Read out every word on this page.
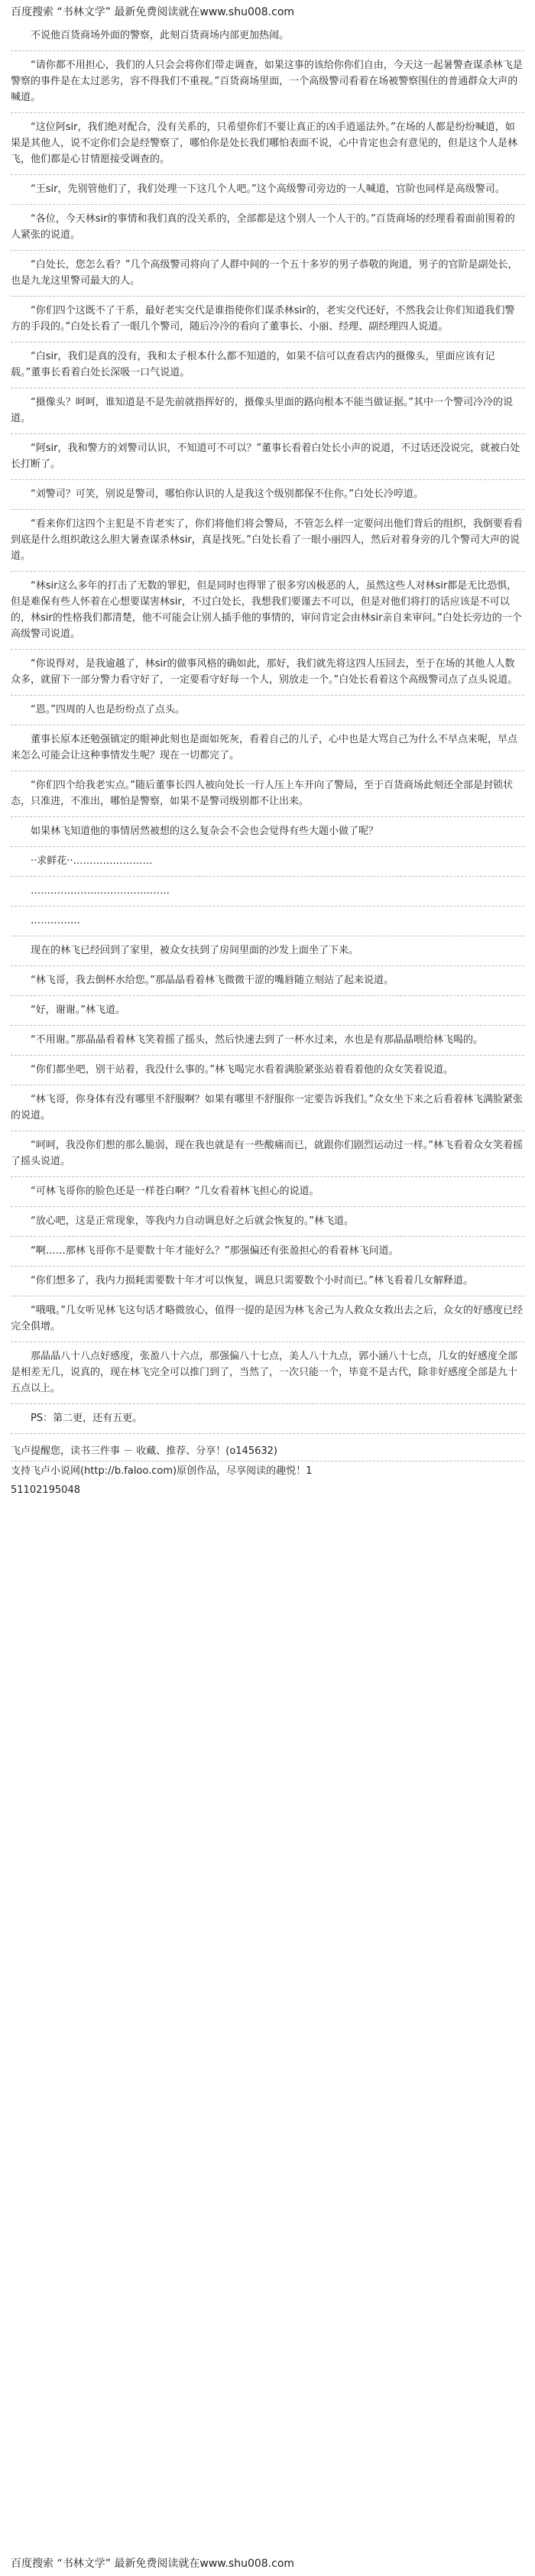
百度搜索 “书林文学” 最新免费阅读就在www.shu008.com

不说他百货商场外面的警察，此刻百货商场内部更加热闹。

“请你都不用担心，我们的人只会会将你们带走调查，如果这事的该给你你们自由，今天这一起暑警查谋杀林飞是警察的事件是在太过恶劣，容不得我们不重视。”百货商场里面，一个高级警司看着在场被警察围住的普通群众大声的喊道。

“这位阿sir，我们绝对配合，没有关系的，只希望你们不要让真正的凶手逍遥法外。”在场的人都是纷纷喊道，如果是其他人，说不定你们会是经警察了，哪怕你是处长我们哪怕表面不说，心中肯定也会有意见的，但是这个人是林飞，他们都是心甘情愿接受调查的。

“王sir，先别管他们了，我们处理一下这几个人吧。”这个高级警司旁边的一人喊道，官阶也同样是高级警司。

“各位，今天林sir的事情和我们真的没关系的，全部都是这个别人一个人干的。”百货商场的经理看着面前围着的人紧张的说道。

“白处长，您怎么看？”几个高级警司将向了人群中间的一个五十多岁的男子恭敬的询道，男子的官阶是副处长，也是九龙这里警司最大的人。

“你们四个这既不了干系，最好老实交代是谁指使你们谋杀林sir的，老实交代还好，不然我会让你们知道我们警方的手段的。”白处长看了一眼几个警司，随后冷冷的看向了董事长、小丽、经理、副经理四人说道。

“白sir，我们是真的没有，我和太子根本什么都不知道的，如果不信可以查看店内的摄像头，里面应该有记载。”董事长看着白处长深吸一口气说道。

“摄像头？呵呵，谁知道是不是先前就指挥好的，摄像头里面的路向根本不能当做证据。”其中一个警司冷冷的说道。

“阿sir，我和警方的刘警司认识，不知道可不可以？”董事长看着白处长小声的说道，不过话还没说完，就被白处长打断了。

“刘警司？可笑，别说是警司，哪怕你认识的人是我这个级别都保不住你。”白处长冷哼道。

“看来你们这四个主犯是不肯老实了，你们将他们将会警局，不管怎么样一定要问出他们背后的组织，我倒要看看到底是什么组织敢这么胆大暑查谋杀林sir，真是找死。”白处长看了一眼小丽四人，然后对着身旁的几个警司大声的说道。

“林sir这么多年的打击了无数的罪犯，但是同时也得罪了很多穷凶极恶的人，虽然这些人对林sir都是无比恐惧，但是难保有些人怀着在心想要谋害林sir，不过白处长，我想我们要谨去不可以，但是对他们将打的话应该是不可以的，林sir的性格我们都清楚，他不可能会让别人插手他的事情的，审问肯定会由林sir亲自来审问。”白处长旁边的一个高级警司说道。

“你说得对，是我逾越了，林sir的做事风格的确如此，那好，我们就先将这四人压回去，至于在场的其他人人数众多，就留下一部分警力看守好了，一定要看守好每一个人，别放走一个。”白处长看着这个高级警司点了点头说道。

“恩。”四周的人也是纷纷点了点头。

董事长原本还勉强镇定的眼神此刻也是面如死灰，看着自己的儿子，心中也是大骂自己为什么不早点来呢，早点来怎么可能会让这种事情发生呢？现在一切都完了。

“你们四个给我老实点。”随后董事长四人被向处长一行人压上车开向了警局，至于百货商场此刻还全部是封锁状态，只准进，不准出，哪怕是警察，如果不是警司级别都不让出来。

如果林飞知道他的事情居然被想的这么复杂会不会也会觉得有些大题小做了呢？

··求鲜花··……………………

……………………………………

……………

现在的林飞已经回到了家里，被众女扶到了房间里面的沙发上面坐了下来。

“林飞哥，我去倒杯水给您。”那晶晶看着林飞微微干涩的嘴唇随立刻站了起来说道。

“好，谢谢。”林飞道。

“不用谢。”那晶晶看着林飞笑着摇了摇头，然后快速去到了一杯水过来，水也是有那晶晶喂给林飞喝的。

“你们都坐吧，别干站着，我没什么事的。”林飞喝完水看着满脸紧张站着看着他的众女笑着说道。

“林飞哥，你身体有没有哪里不舒服啊？如果有哪里不舒服你一定要告诉我们。”众女坐下来之后看着林飞满脸紧张的说道。

“呵呵，我没你们想的那么脆弱，现在我也就是有一些酸痛而已，就跟你们剧烈运动过一样。”林飞看着众女笑着摇了摇头说道。

“可林飞哥你的脸色还是一样苍白啊？”几女看着林飞担心的说道。

“放心吧，这是正常现象，等我内力自动调息好之后就会恢复的。”林飞道。

“啊……那林飞哥你不是要数十年才能好么？”那强偏还有张盈担心的看着林飞问道。

“你们想多了，我内力损耗需要数十年才可以恢复，调息只需要数个小时而已。”林飞看着几女解释道。

“哦哦。”几女听见林飞这句话才略微放心，值得一提的是因为林飞舍己为人救众女救出去之后，众女的好感度已经完全俱增。

那晶晶八十八点好感度，张盈八十六点，那强偏八十七点，美人八十九点，郭小涵八十七点，几女的好感度全部是相差无几，说真的，现在林飞完全可以推门到了，当然了，一次只能一个，毕竟不是古代，除非好感度全部是九十五点以上。

PS：第二更，还有五更。

飞卢提醒您，读书三件事 － 收藏、推荐、分享！(o145632)

支持飞卢小说网(http://b.faloo.com)原创作品，尽享阅读的趣悦！1

51102195048

百度搜索 “书林文学” 最新免费阅读就在www.shu008.com
